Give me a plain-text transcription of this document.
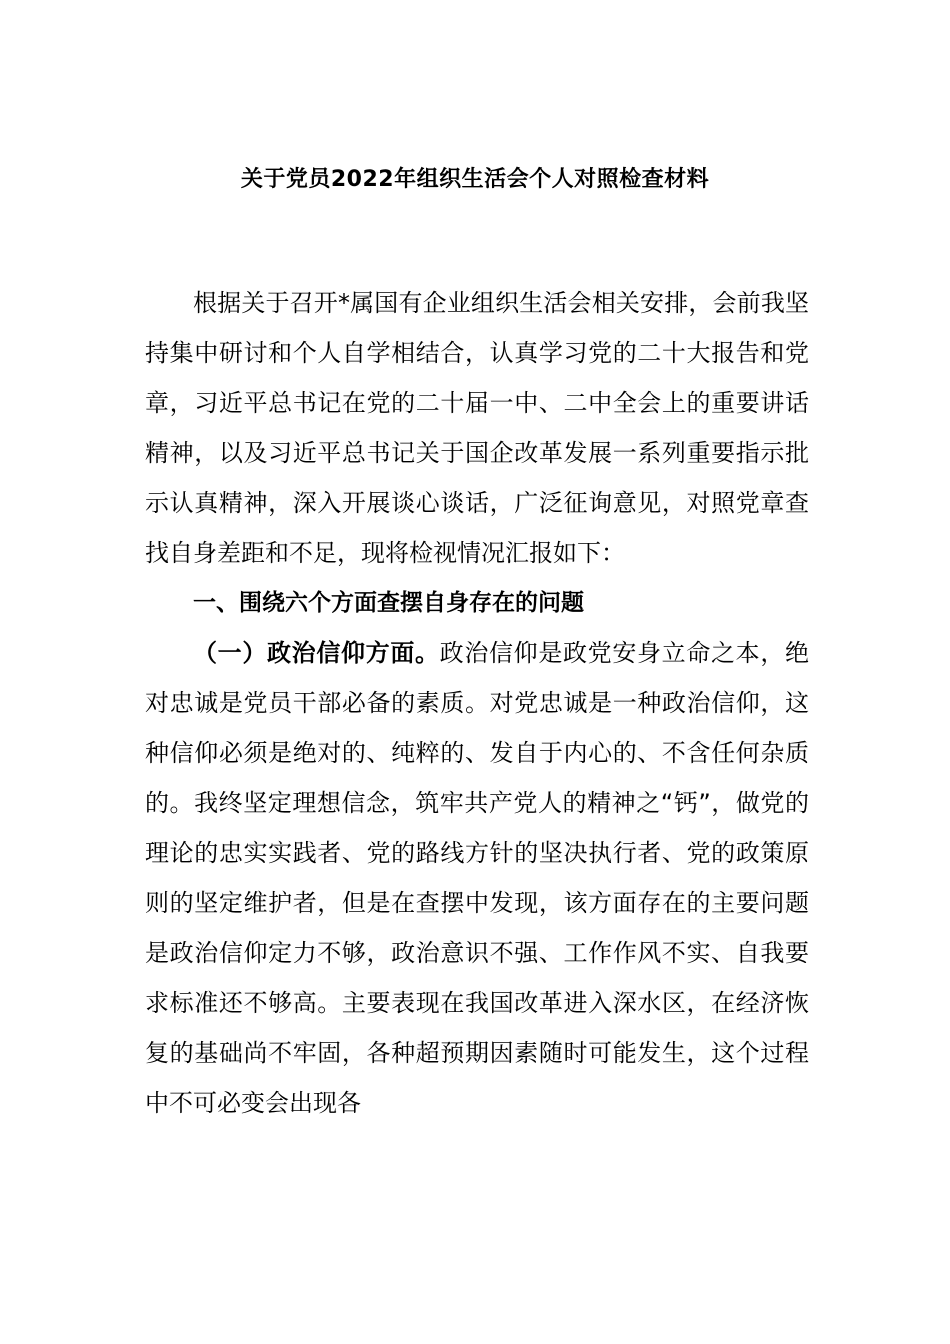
关于党员2022年组织生活会个人对照检查材料

根据关于召开*属国有企业组织生活会相关安排，会前我坚持集中研讨和个人自学相结合，认真学习党的二十大报告和党章，习近平总书记在党的二十届一中、二中全会上的重要讲话精神，以及习近平总书记关于国企改革发展一系列重要指示批示认真精神，深入开展谈心谈话，广泛征询意见，对照党章查找自身差距和不足，现将检视情况汇报如下：

一、围绕六个方面查摆自身存在的问题

（一）政治信仰方面。政治信仰是政党安身立命之本，绝对忠诚是党员干部必备的素质。对党忠诚是一种政治信仰，这种信仰必须是绝对的、纯粹的、发自于内心的、不含任何杂质的。我终坚定理想信念，筑牢共产党人的精神之“钙”，做党的理论的忠实实践者、党的路线方针的坚决执行者、党的政策原则的坚定维护者，但是在查摆中发现，该方面存在的主要问题是政治信仰定力不够，政治意识不强、工作作风不实、自我要求标准还不够高。主要表现在我国改革进入深水区，在经济恢复的基础尚不牢固，各种超预期因素随时可能发生，这个过程中不可必变会出现各
